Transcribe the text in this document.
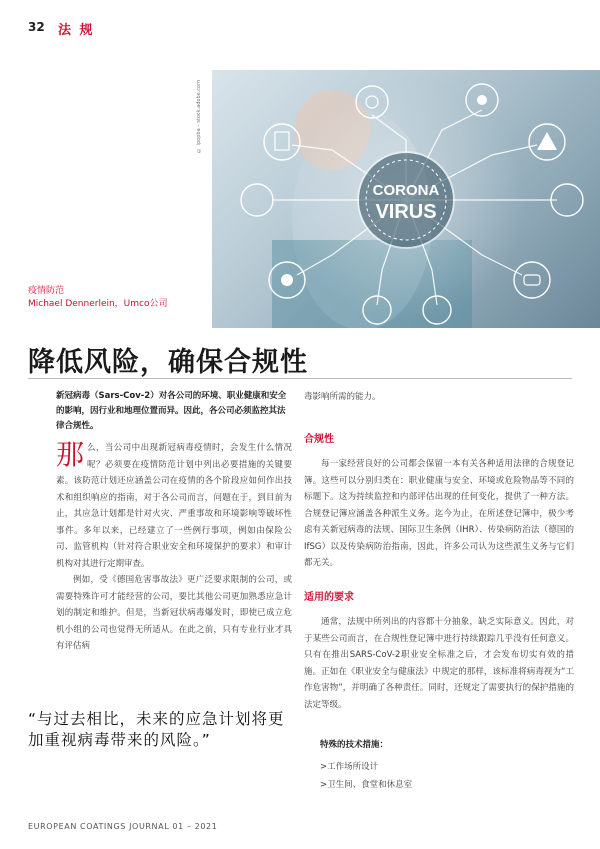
32 法 规
© ipopba – stock.adobe.com
CORONA
VIRUS
疫情防范
Michael Dennerlein，Umco公司
降低风险，确保合规性
新冠病毒（Sars-Cov-2）对各公司的环境、职业健康和安全的影响，因行业和地理位置而异。因此，各公司必须监控其法律合规性。
那 么，当公司中出现新冠病毒疫情时，会发生什么情况呢？必须要在疫情防范计划中列出必要措施的关键要素。该防范计划还应涵盖公司在疫情的各个阶段应如何作出技术和组织响应的指南，对于各公司而言，问题在于，到目前为止，其应急计划都是针对火灾、严重事故和环境影响等破坏性事件。多年以来，已经建立了一些例行事项，例如由保险公司、监管机构（针对符合职业安全和环境保护的要求）和审计机构对其进行定期审查。
例如，受《德国危害事故法》更广泛要求限制的公司，或需要特殊许可才能经营的公司，要比其他公司更加熟悉应急计划的制定和维护。但是，当新冠状病毒爆发时，即使已成立危机小组的公司也觉得无所适从。在此之前，只有专业行业才具有评估病
毒影响所需的能力。
合规性
每一家经营良好的公司都会保留一本有关各种适用法律的合规登记簿。这些可以分别归类在：职业健康与安全、环境或危险物品等不同的标题下。这为持续监控和内部评估出现的任何变化，提供了一种方法。合规登记簿应涵盖各种派生义务。迄今为止，在所述登记簿中，极少考虑有关新冠病毒的法规、国际卫生条例（IHR）、传染病防治法（德国的IfSG）以及传染病防治指南，因此，许多公司认为这些派生义务与它们都无关。
适用的要求
通常，法规中所列出的内容都十分抽象，缺乏实际意义。因此，对于某些公司而言，在合规性登记簿中进行持续跟踪几乎没有任何意义。只有在推出SARS-CoV-2职业安全标准之后，才会发布切实有效的措施。正如在《职业安全与健康法》中规定的那样，该标准将病毒视为“工作危害物”，并明确了各种责任。同时，还规定了需要执行的保护措施的法定等级。
“与过去相比，未来的应急计划将更加重视病毒带来的风险。”	特殊的技术措施：
>工作场所设计
>卫生间、食堂和休息室
EUROPEAN COATINGS JOURNAL 01 – 2021
